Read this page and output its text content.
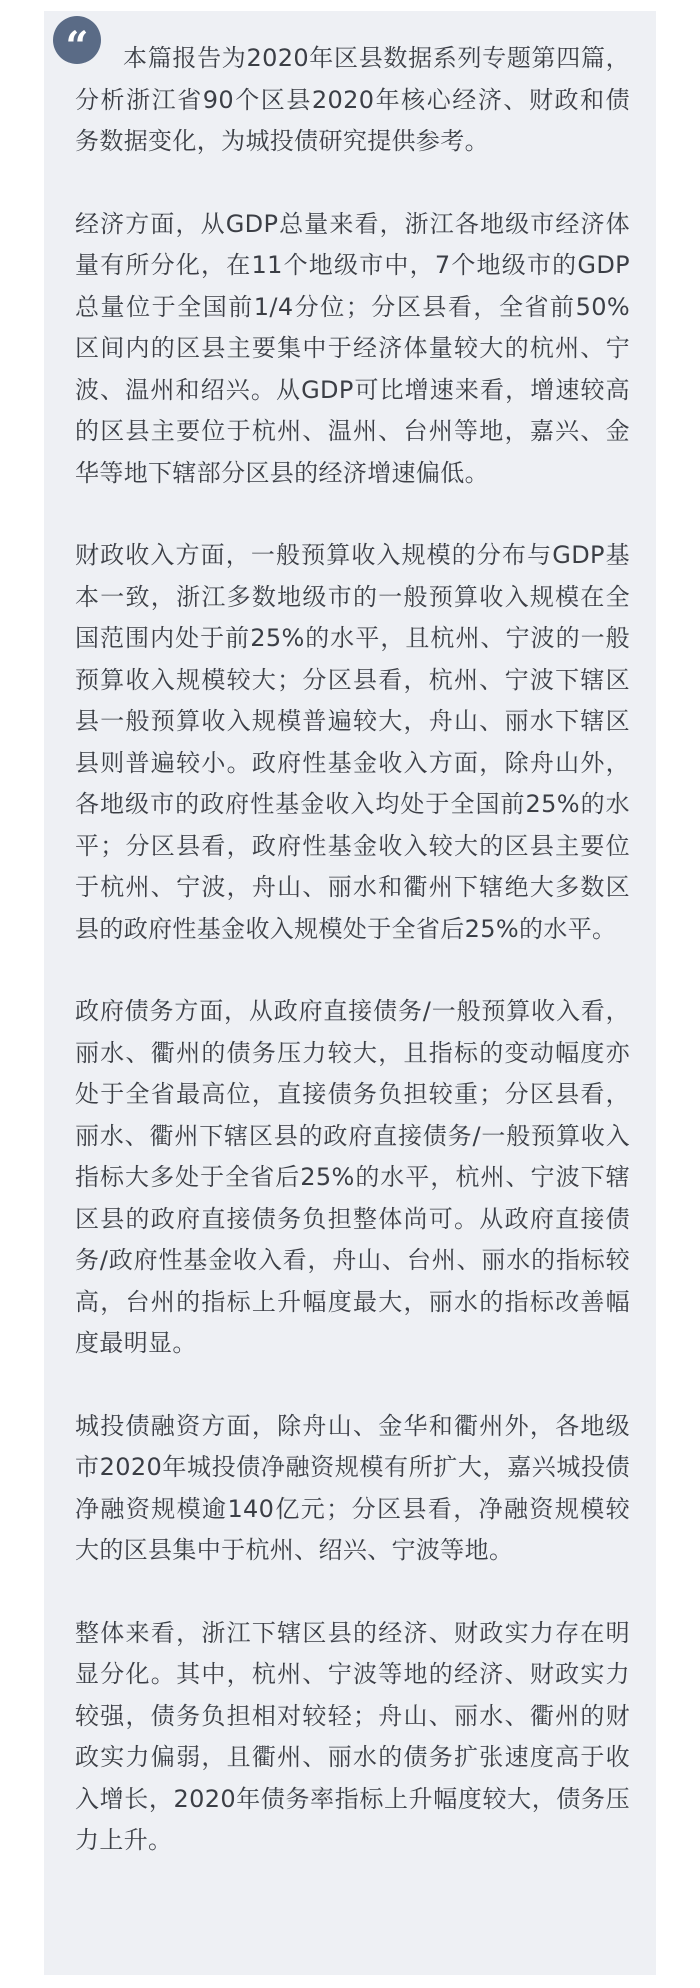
“	本篇报告为2020年区县数据系列专题第四篇，分析浙江省90个区县2020年核心经济、财政和债务数据变化，为城投债研究提供参考。

经济方面，从GDP总量来看，浙江各地级市经济体量有所分化，在11个地级市中，7个地级市的GDP总量位于全国前1/4分位；分区县看，全省前50%区间内的区县主要集中于经济体量较大的杭州、宁波、温州和绍兴。从GDP可比增速来看，增速较高的区县主要位于杭州、温州、台州等地，嘉兴、金华等地下辖部分区县的经济增速偏低。

财政收入方面，一般预算收入规模的分布与GDP基本一致，浙江多数地级市的一般预算收入规模在全国范围内处于前25%的水平，且杭州、宁波的一般预算收入规模较大；分区县看，杭州、宁波下辖区县一般预算收入规模普遍较大，舟山、丽水下辖区县则普遍较小。政府性基金收入方面，除舟山外，各地级市的政府性基金收入均处于全国前25%的水平；分区县看，政府性基金收入较大的区县主要位于杭州、宁波，舟山、丽水和衢州下辖绝大多数区县的政府性基金收入规模处于全省后25%的水平。

政府债务方面，从政府直接债务/一般预算收入看，丽水、衢州的债务压力较大，且指标的变动幅度亦处于全省最高位，直接债务负担较重；分区县看，丽水、衢州下辖区县的政府直接债务/一般预算收入指标大多处于全省后25%的水平，杭州、宁波下辖区县的政府直接债务负担整体尚可。从政府直接债务/政府性基金收入看，舟山、台州、丽水的指标较高，台州的指标上升幅度最大，丽水的指标改善幅度最明显。

城投债融资方面，除舟山、金华和衢州外，各地级市2020年城投债净融资规模有所扩大，嘉兴城投债净融资规模逾140亿元；分区县看，净融资规模较大的区县集中于杭州、绍兴、宁波等地。

整体来看，浙江下辖区县的经济、财政实力存在明显分化。其中，杭州、宁波等地的经济、财政实力较强，债务负担相对较轻；舟山、丽水、衢州的财政实力偏弱，且衢州、丽水的债务扩张速度高于收入增长，2020年债务率指标上升幅度较大，债务压力上升。
